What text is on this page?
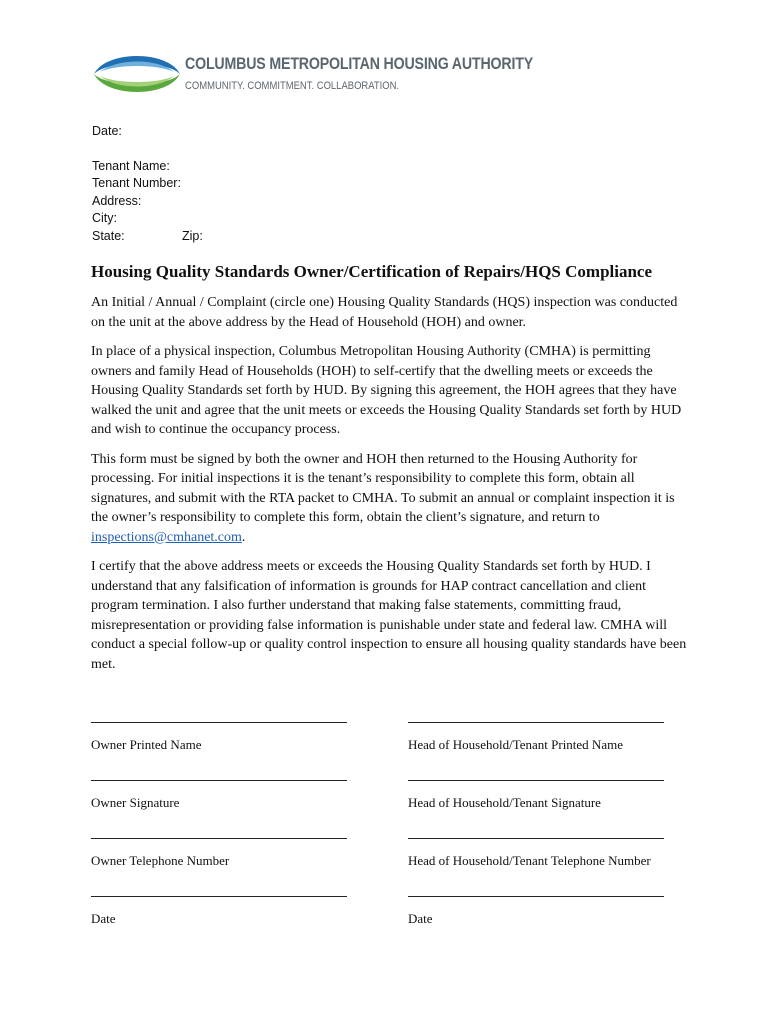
COLUMBUS METROPOLITAN HOUSING AUTHORITY
COMMUNITY. COMMITMENT. COLLABORATION.
Date:
Tenant Name:
Tenant Number:
Address:
City:
State:	Zip:
Housing Quality Standards Owner/Certification of Repairs/HQS Compliance

An Initial / Annual / Complaint (circle one) Housing Quality Standards (HQS) inspection was conducted on the unit at the above address by the Head of Household (HOH) and owner.

In place of a physical inspection, Columbus Metropolitan Housing Authority (CMHA) is permitting owners and family Head of Households (HOH) to self-certify that the dwelling meets or exceeds the Housing Quality Standards set forth by HUD. By signing this agreement, the HOH agrees that they have walked the unit and agree that the unit meets or exceeds the Housing Quality Standards set forth by HUD and wish to continue the occupancy process.

This form must be signed by both the owner and HOH then returned to the Housing Authority for processing. For initial inspections it is the tenant’s responsibility to complete this form, obtain all signatures, and submit with the RTA packet to CMHA. To submit an annual or complaint inspection it is the owner’s responsibility to complete this form, obtain the client’s signature, and return to inspections@cmhanet.com.

I certify that the above address meets or exceeds the Housing Quality Standards set forth by HUD. I understand that any falsification of information is grounds for HAP contract cancellation and client program termination. I also further understand that making false statements, committing fraud, misrepresentation or providing false information is punishable under state and federal law. CMHA will conduct a special follow-up or quality control inspection to ensure all housing quality standards have been met.

Owner Printed Name	Head of Household/Tenant Printed Name
Owner Signature	Head of Household/Tenant Signature
Owner Telephone Number	Head of Household/Tenant Telephone Number
Date	Date
